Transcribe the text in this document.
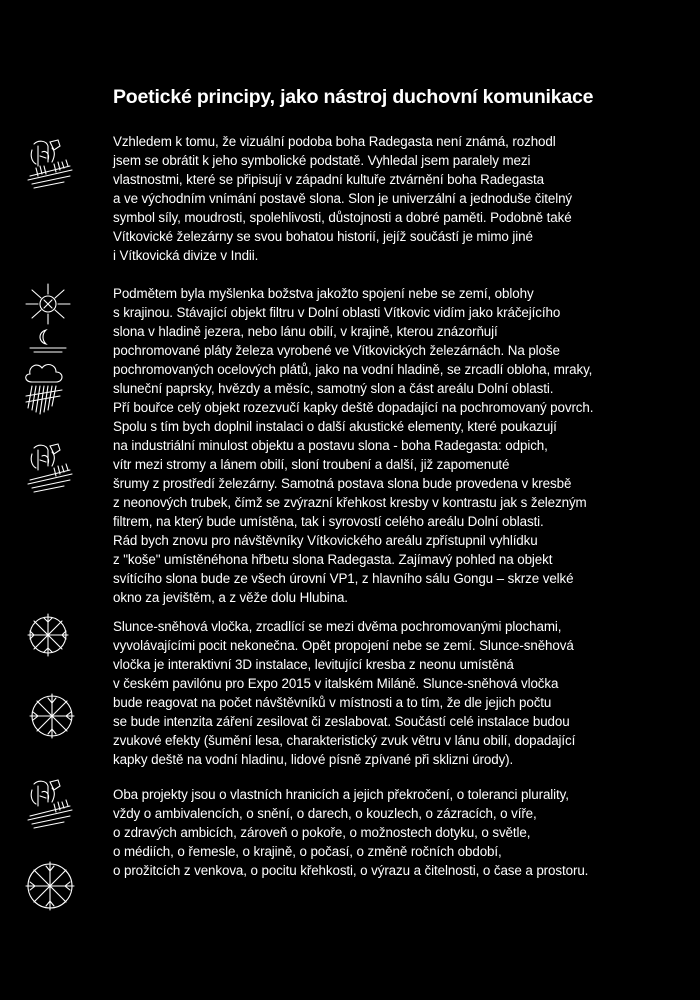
Poetické principy, jako nástroj duchovní komunikace
Vzhledem k tomu, že vizuální podoba boha Radegasta není známá, rozhodl
jsem se obrátit k jeho symbolické podstatě. Vyhledal jsem paralely mezi
vlastnostmi, které se připisují v západní kultuře ztvárnění boha Radegasta
a ve východním vnímání postavě slona. Slon je univerzální a jednoduše čitelný
symbol síly, moudrosti, spolehlivosti, důstojnosti a dobré paměti. Podobně také
Vítkovické železárny se svou bohatou historií, jejíž součástí je mimo jiné
i Vítkovická divize v Indii.
Podmětem byla myšlenka božstva jakožto spojení nebe se zemí, oblohy
s krajinou. Stávající objekt filtru v Dolní oblasti Vítkovic vidím jako kráčejícího
slona v hladině jezera, nebo lánu obilí, v krajině, kterou znázorňují
pochromované pláty železa vyrobené ve Vítkovických železárnách. Na ploše
pochromovaných ocelových plátů, jako na vodní hladině, se zrcadlí obloha, mraky,
sluneční paprsky, hvězdy a měsíc, samotný slon a část areálu Dolní oblasti.
Pří bouřce celý objekt rozezvučí kapky deště dopadající na pochromovaný povrch.
Spolu s tím bych doplnil instalaci o další akustické elementy, které poukazují
na industriální minulost objektu a postavu slona - boha Radegasta: odpich,
vítr mezi stromy a lánem obilí, sloní troubení a další, již zapomenuté
šrumy z prostředí železárny. Samotná postava slona bude provedena v kresbě
z neonových trubek, čímž se zvýrazní křehkost kresby v kontrastu jak s železným
filtrem, na který bude umístěna, tak i syrovostí celého areálu Dolní oblasti.
Rád bych znovu pro návštěvníky Vítkovického areálu zpřístupnil vyhlídku
z "koše" umístěnéhona hřbetu slona Radegasta. Zajímavý pohled na objekt
svítícího slona bude ze všech úrovní VP1, z hlavního sálu Gongu – skrze velké
okno za jevištěm, a z věže dolu Hlubina.
Slunce-sněhová vločka, zrcadlící se mezi dvěma pochromovanými plochami,
vyvolávajícími pocit nekonečna. Opět propojení nebe se zemí. Slunce-sněhová
vločka je interaktivní 3D instalace, levitující kresba z neonu umístěná
v českém pavilónu pro Expo 2015 v italském Miláně. Slunce-sněhová vločka
bude reagovat na počet návštěvníků v místnosti a to tím, že dle jejich počtu
se bude intenzita záření zesilovat či zeslabovat. Součástí celé instalace budou
zvukové efekty (šumění lesa, charakteristický zvuk větru v lánu obilí, dopadající
kapky deště na vodní hladinu, lidové písně zpívané při sklizni úrody).
Oba projekty jsou o vlastních hranicích a jejich překročení, o toleranci plurality,
vždy o ambivalencích, o snění, o darech, o kouzlech, o zázracích, o víře,
o zdravých ambicích, zároveň o pokoře, o možnostech dotyku, o světle,
o médiích, o řemesle, o krajině, o počasí, o změně ročních období,
o prožitcích z venkova, o pocitu křehkosti, o výrazu a čitelnosti, o čase a prostoru.
